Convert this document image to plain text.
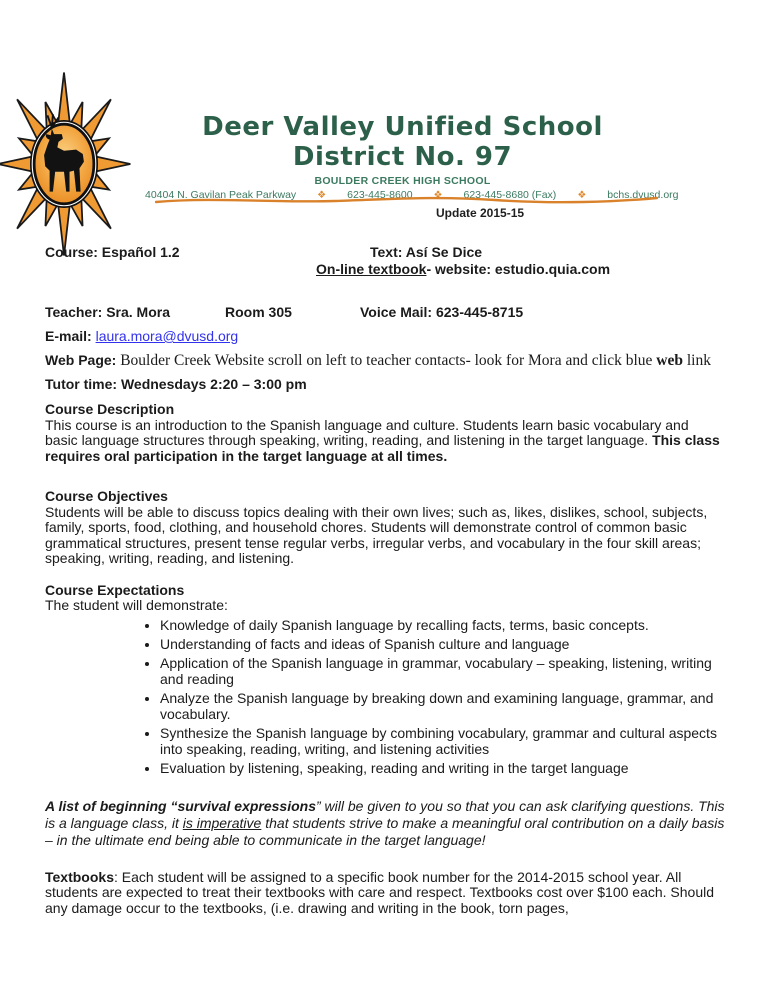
Deer Valley Unified School District No. 97
BOULDER CREEK HIGH SCHOOL
40404 N. Gavilan Peak Parkway ❖ 623-445-8600 ❖ 623-445-8680 (Fax) ❖ bchs.dvusd.org
Update 2015-15
Course: Español 1.2	Text: Así Se Dice
On-line textbook- website: estudio.quia.com
Teacher: Sra. Mora	Room 305	Voice Mail: 623-445-8715
E-mail: laura.mora@dvusd.org
Web Page: Boulder Creek Website scroll on left to teacher contacts- look for Mora and click blue web link
Tutor time: Wednesdays 2:20 – 3:00 pm

Course Description

This course is an introduction to the Spanish language and culture. Students learn basic vocabulary and basic language structures through speaking, writing, reading, and listening in the target language. This class requires oral participation in the target language at all times.

Course Objectives

Students will be able to discuss topics dealing with their own lives; such as, likes, dislikes, school, subjects, family, sports, food, clothing, and household chores. Students will demonstrate control of common basic grammatical structures, present tense regular verbs, irregular verbs, and vocabulary in the four skill areas; speaking, writing, reading, and listening.

Course Expectations

The student will demonstrate:

• Knowledge of daily Spanish language by recalling facts, terms, basic concepts.
• Understanding of facts and ideas of Spanish culture and language
• Application of the Spanish language in grammar, vocabulary – speaking, listening, writing and reading
• Analyze the Spanish language by breaking down and examining language, grammar, and vocabulary.
• Synthesize the Spanish language by combining vocabulary, grammar and cultural aspects into speaking, reading, writing, and listening activities
• Evaluation by listening, speaking, reading and writing in the target language

A list of beginning “survival expressions” will be given to you so that you can ask clarifying questions. This is a language class, it is imperative that students strive to make a meaningful oral contribution on a daily basis – in the ultimate end being able to communicate in the target language!

Textbooks: Each student will be assigned to a specific book number for the 2014-2015 school year. All students are expected to treat their textbooks with care and respect. Textbooks cost over $100 each. Should any damage occur to the textbooks, (i.e. drawing and writing in the book, torn pages,
